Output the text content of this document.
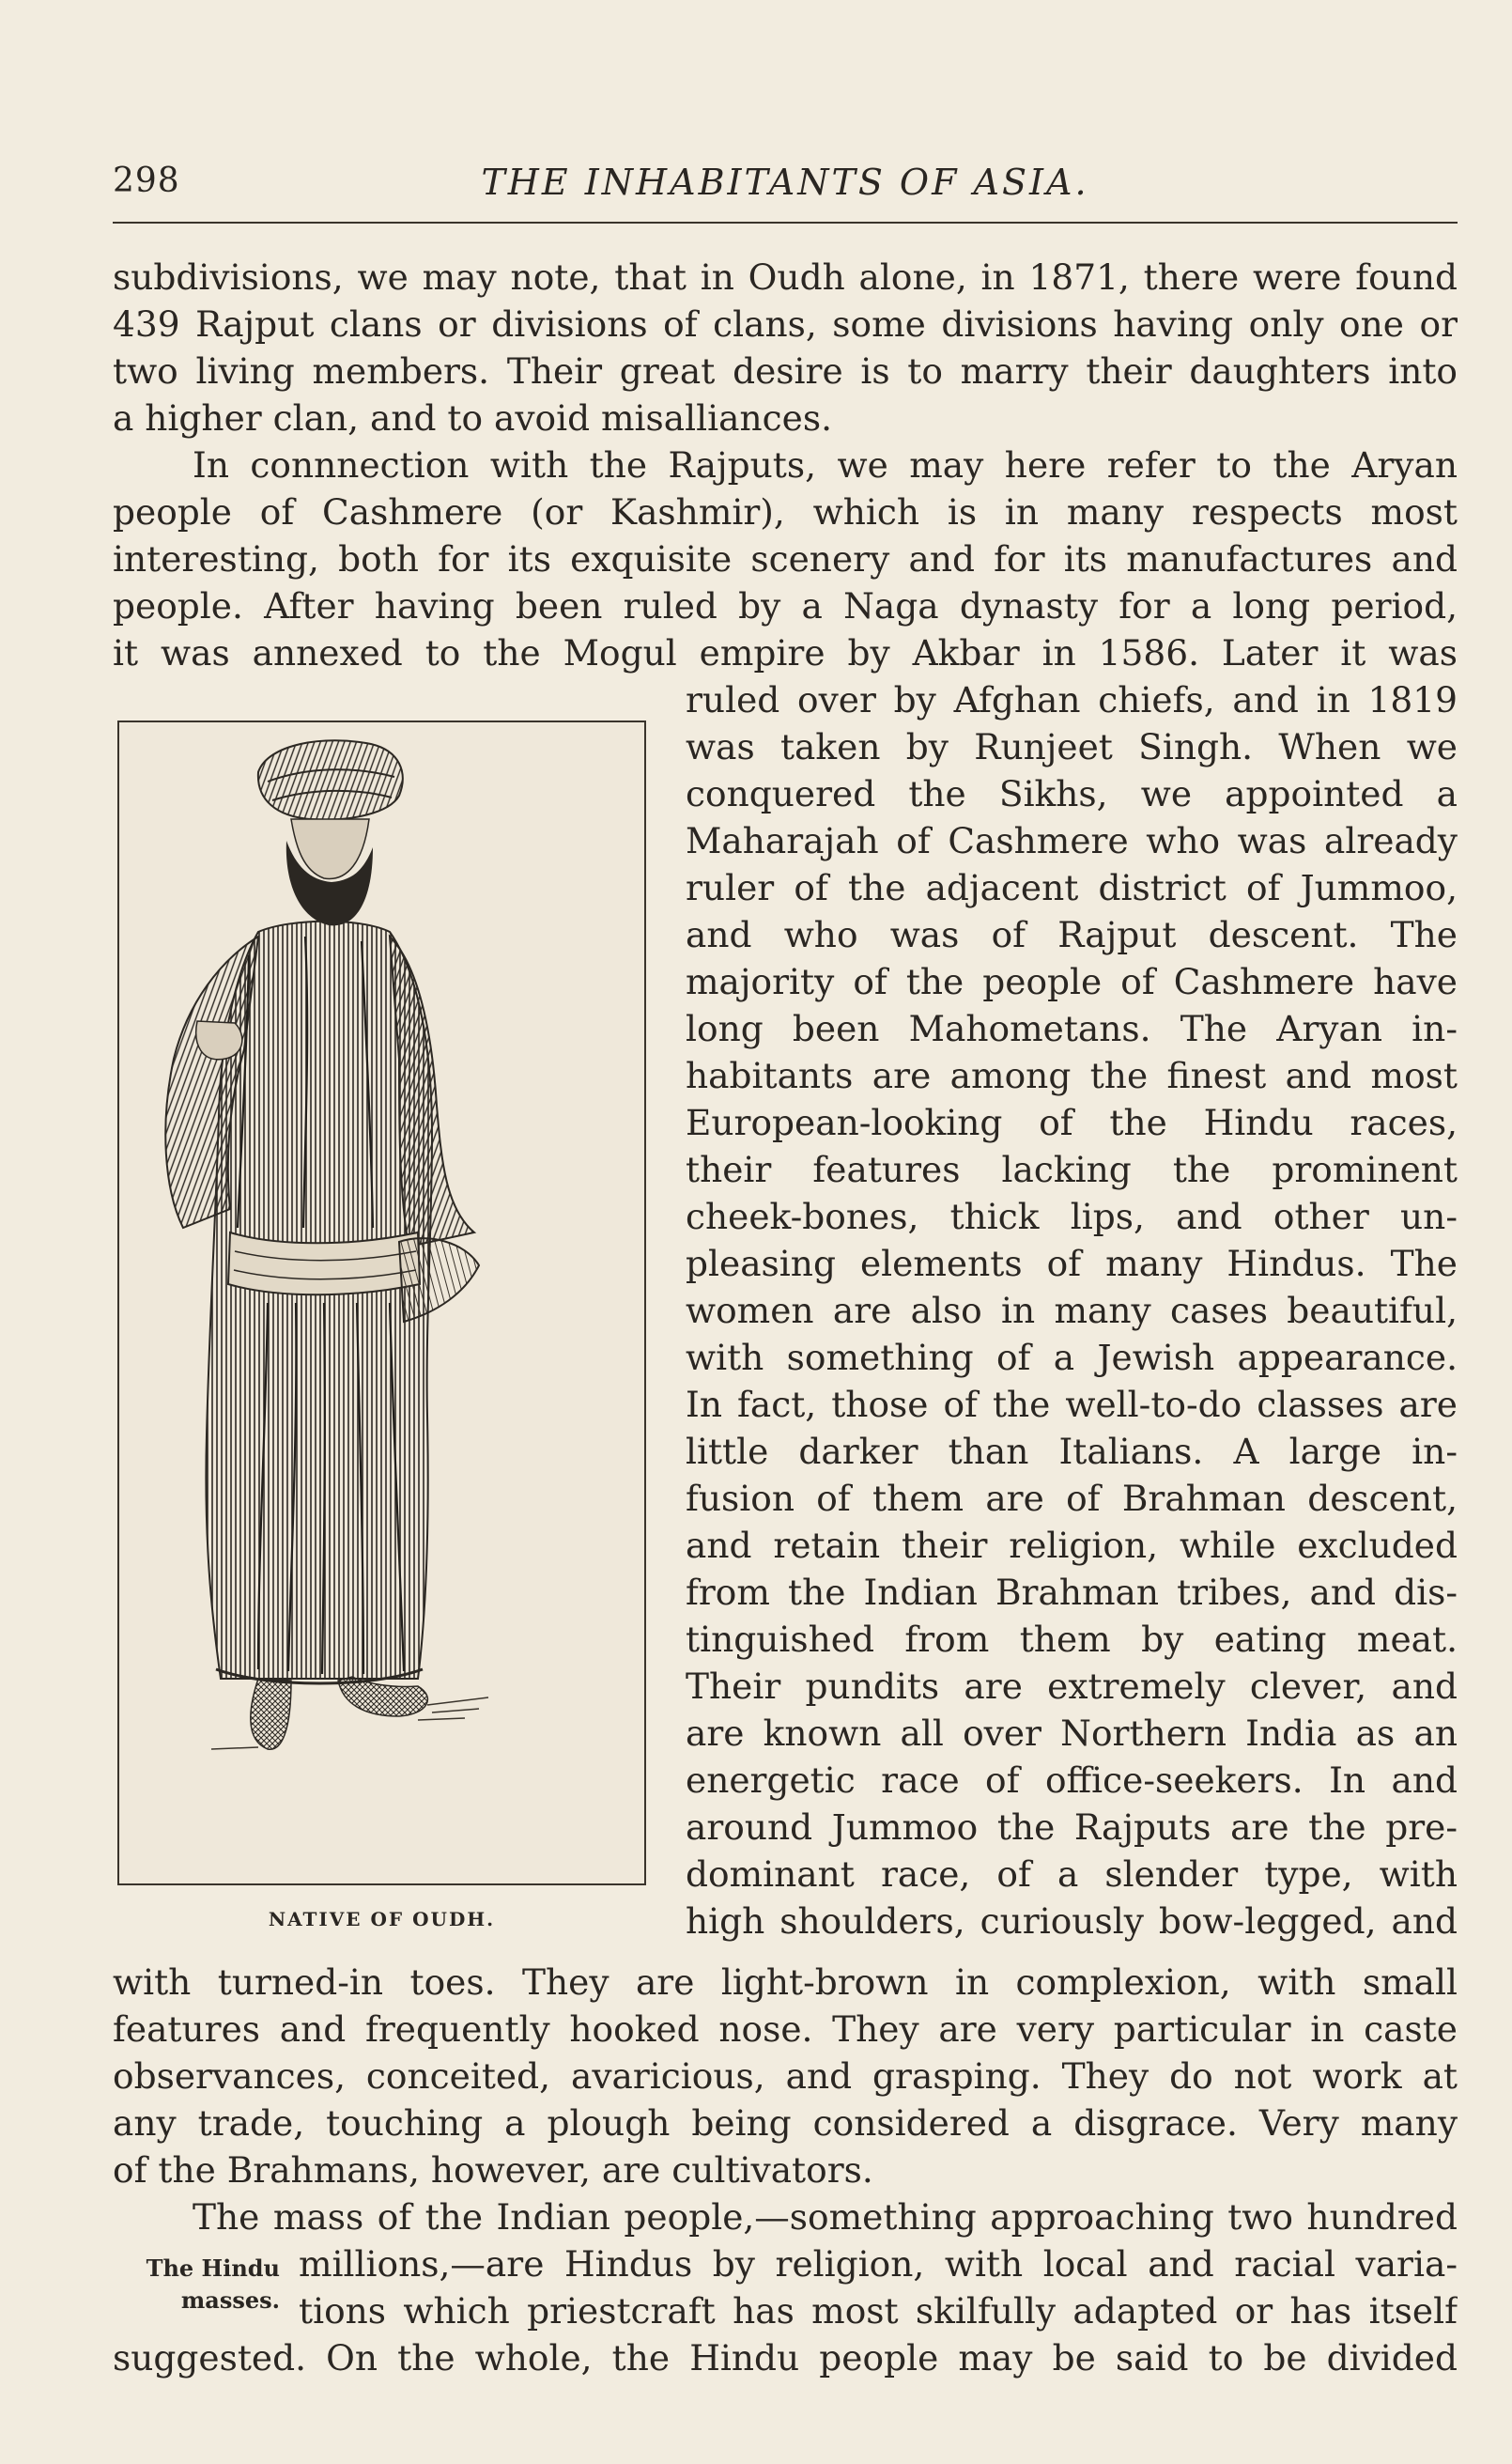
298	THE INHABITANTS OF ASIA.
subdivisions, we may note, that in Oudh alone, in 1871, there were found
439 Rajput clans or divisions of clans, some divisions having only one or
two living members. Their great desire is to marry their daughters into
a higher clan, and to avoid misalliances.
In connnection with the Rajputs, we may here refer to the Aryan
people of Cashmere (or Kashmir), which is in many respects most
interesting, both for its exquisite scenery and for its manufactures and
people. After having been ruled by a Naga dynasty for a long period,
it was annexed to the Mogul empire by Akbar in 1586. Later it was
ruled over by Afghan chiefs, and in 1819
was taken by Runjeet Singh. When we
conquered the Sikhs, we appointed a
Maharajah of Cashmere who was already
ruler of the adjacent district of Jummoo,
and who was of Rajput descent. The
majority of the people of Cashmere have
long been Mahometans. The Aryan in-
habitants are among the finest and most
European-looking of the Hindu races,
their features lacking the prominent
cheek-bones, thick lips, and other un-
pleasing elements of many Hindus. The
women are also in many cases beautiful,
with something of a Jewish appearance.
In fact, those of the well-to-do classes are
little darker than Italians. A large in-
fusion of them are of Brahman descent,
and retain their religion, while excluded
from the Indian Brahman tribes, and dis-
tinguished from them by eating meat.
Their pundits are extremely clever, and
are known all over Northern India as an
energetic race of office-seekers. In and
around Jummoo the Rajputs are the pre-
dominant race, of a slender type, with
high shoulders, curiously bow-legged, and
with turned-in toes. They are light-brown in complexion, with small
features and frequently hooked nose. They are very particular in caste
observances, conceited, avaricious, and grasping. They do not work at
any trade, touching a plough being considered a disgrace. Very many
of the Brahmans, however, are cultivators.
The mass of the Indian people,—something approaching two hundred
millions,—are Hindus by religion, with local and racial varia-
tions which priestcraft has most skilfully adapted or has itself
suggested. On the whole, the Hindu people may be said to be divided
The Hindu
masses.
NATIVE OF OUDH.
